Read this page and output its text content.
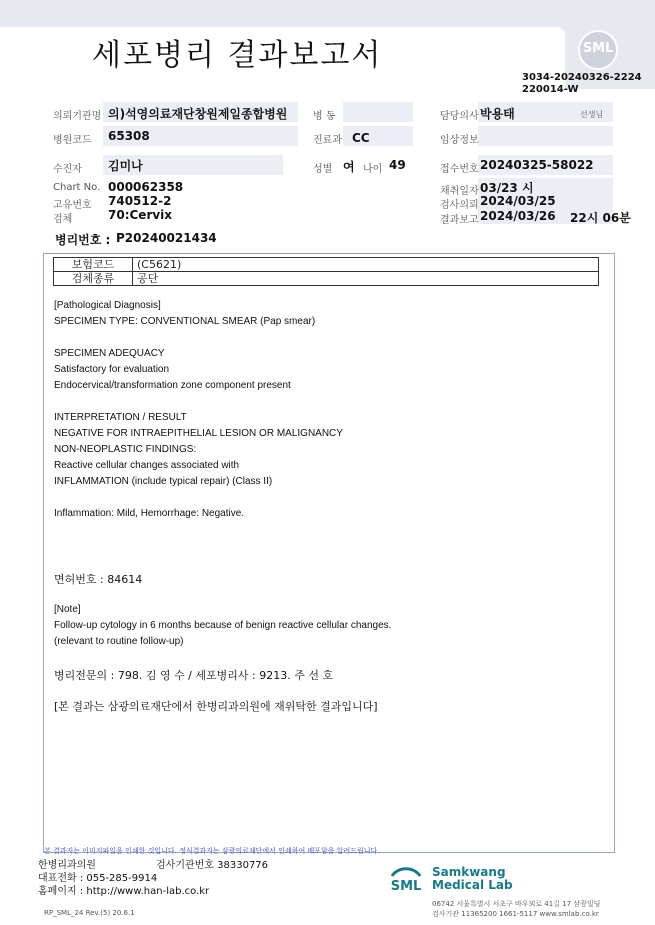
세포병리 결과보고서	SML
3034-20240326-2224
220014-W
의뢰기관명 의)석영의료재단창원제일종합병원	병 동	담당의사 박용태	선생님
병원코드 65308	진료과 CC	임상정보
수진자 김미나	성별 여 나이 49	접수번호 20240325-58022
Chart No. 000062358
고유번호 740512-2
검체	70:Cervix
채취일자 03/23 시
검사의뢰 2024/03/25
결과보고 2024/03/26 22시 06분
병리번호 : P20240021434
보험코드	(C5621)
검체종류	공단
[Pathological Diagnosis]
SPECIMEN TYPE: CONVENTIONAL SMEAR (Pap smear)
SPECIMEN ADEQUACY
Satisfactory for evaluation
Endocervical/transformation zone component present
INTERPRETATION / RESULT
NEGATIVE FOR INTRAEPITHELIAL LESION OR MALIGNANCY
NON-NEOPLASTIC FINDINGS:
Reactive cellular changes associated with
INFLAMMATION (include typical repair) (Class II)
Inflammation: Mild, Hemorrhage: Negative.
면허번호 : 84614
[Note]
Follow-up cytology in 6 months because of benign reactive cellular changes.
(relevant to routine follow-up)
병리전문의 : 798. 김 영 수 / 세포병리사 : 9213. 주 선 호
[본 결과는 삼광의료재단에서 한병리과의원에 재위탁한 결과입니다]
본 결과지는 이미지파일을 인쇄한 것입니다. 정식결과지는 삼광의료재단에서 인쇄하여 배포함을 알려드립니다.
한병리과의원	검사기관번호 38330776
대표전화 : 055-285-9914
홈페이지 : http://www.han-lab.co.kr	SML
Samkwang
Medical Lab
06742 서울특별시 서초구 바우뫼로 41길 17 삼광빌딩
검사기관 11365200 1661-5117 www.smlab.co.kr
RP_SML_24 Rev.(5) 20.6.1
